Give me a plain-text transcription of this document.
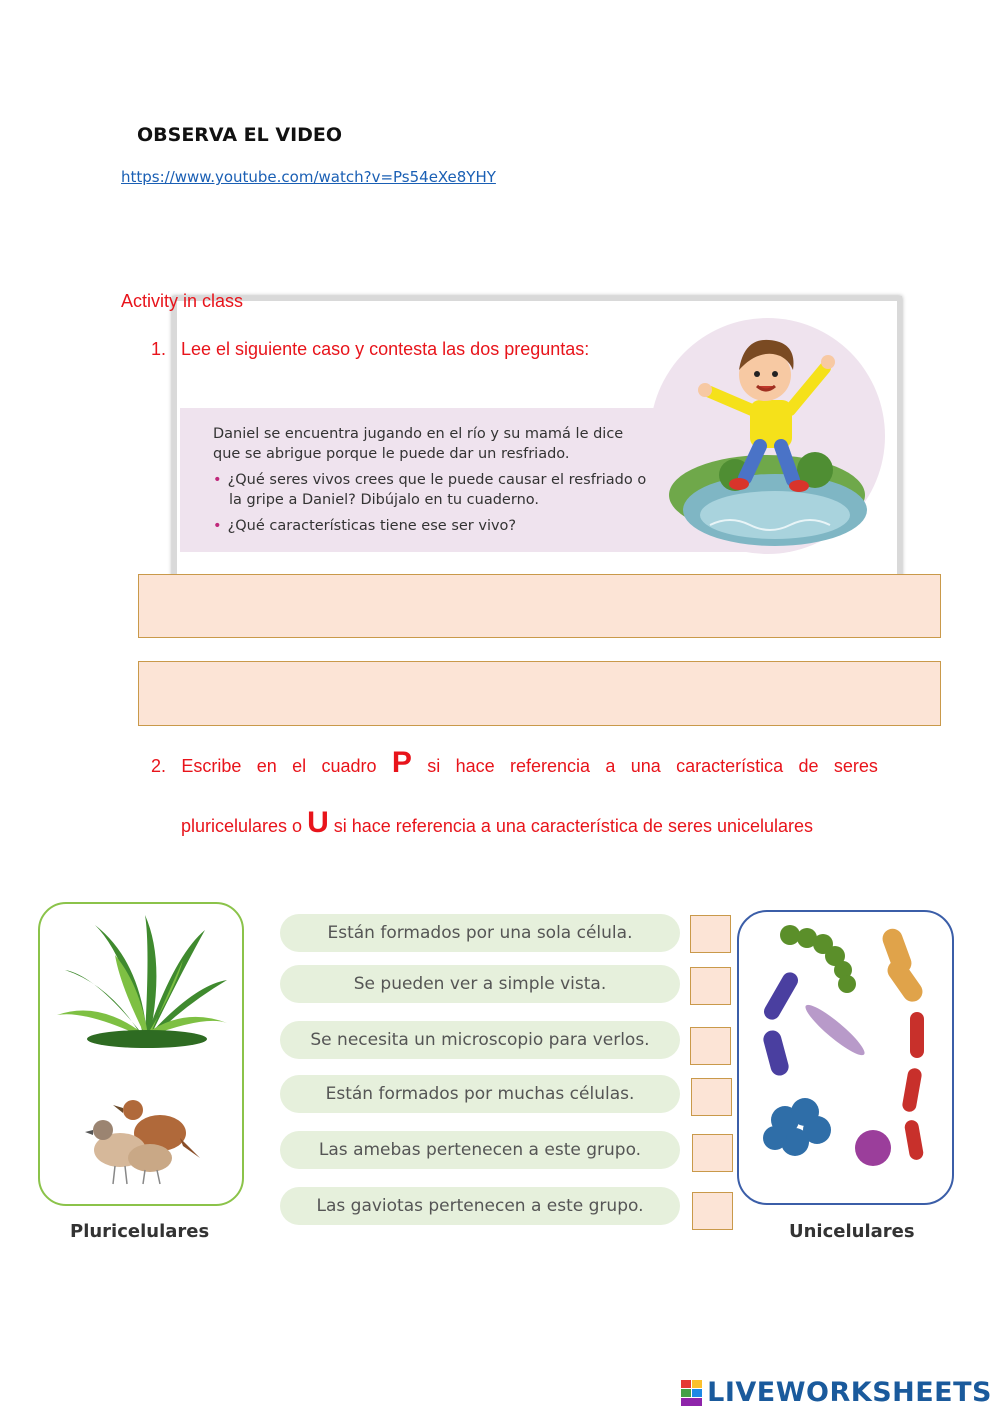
OBSERVA EL VIDEO
https://www.youtube.com/watch?v=Ps54eXe8YHY
Activity in class
1. Lee el siguiente caso y contesta las dos preguntas:

Daniel se encuentra jugando en el río y su mamá le dice que se abrigue porque le puede dar un resfriado.

• ¿Qué seres vivos crees que le puede causar el resfriado o la gripe a Daniel? Dibújalo en tu cuaderno.

• ¿Qué características tiene ese ser vivo?

2. Escribe en el cuadro P si hace referencia a una característica de seres
pluricelulares o U si hace referencia a una característica de seres unicelulares
Pluricelulares
Están formados por una sola célula.
Se pueden ver a simple vista.
Se necesita un microscopio para verlos.
Están formados por muchas células.
Las amebas pertenecen a este grupo.
Las gaviotas pertenecen a este grupo.
Unicelulares
LIVEWORKSHEETS
